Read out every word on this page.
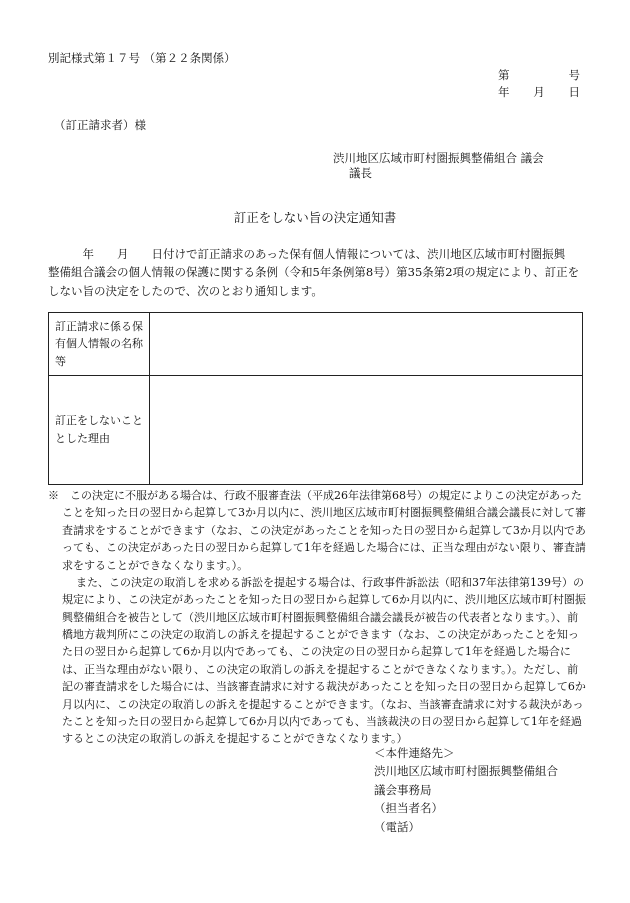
別記様式第１７号 （第２２条関係）
第	号
年 月 日
（訂正請求者）様
渋川地区広域市町村圏振興整備組合 議会
議長
訂正をしない旨の決定通知書

　　　年　　月　　日付けで訂正請求のあった保有個人情報については、渋川地区広域市町村圏振興

整備組合議会の個人情報の保護に関する条例（令和5年条例第8号）第35条第2項の規定により、訂正を

しない旨の決定をしたので、次のとおり通知します。

訂正請求に係る保有個人情報の名称等	
訂正をしないこととした理由	

※　この決定に不服がある場合は、行政不服審査法（平成26年法律第68号）の規定によりこの決定があったことを知った日の翌日から起算して3か月以内に、渋川地区広域市町村圏振興整備組合議会議長に対して審査請求をすることができます（なお、この決定があったことを知った日の翌日から起算して3か月以内であっても、この決定があった日の翌日から起算して1年を経過した場合には、正当な理由がない限り、審査請求をすることができなくなります。）。

また、この決定の取消しを求める訴訟を提起する場合は、行政事件訴訟法（昭和37年法律第139号）の規定により、この決定があったことを知った日の翌日から起算して6か月以内に、渋川地区広域市町村圏振興整備組合を被告として（渋川地区広域市町村圏振興整備組合議会議長が被告の代表者となります。）、前橋地方裁判所にこの決定の取消しの訴えを提起することができます（なお、この決定があったことを知った日の翌日から起算して6か月以内であっても、この決定の日の翌日から起算して1年を経過した場合には、正当な理由がない限り、この決定の取消しの訴えを提起することができなくなります。）。ただし、前記の審査請求をした場合には、当該審査請求に対する裁決があったことを知った日の翌日から起算して6か月以内に、この決定の取消しの訴えを提起することができます。（なお、当該審査請求に対する裁決があったことを知った日の翌日から起算して6か月以内であっても、当該裁決の日の翌日から起算して1年を経過するとこの決定の取消しの訴えを提起することができなくなります。）

＜本件連絡先＞
渋川地区広域市町村圏振興整備組合
議会事務局
（担当者名）
（電話）
